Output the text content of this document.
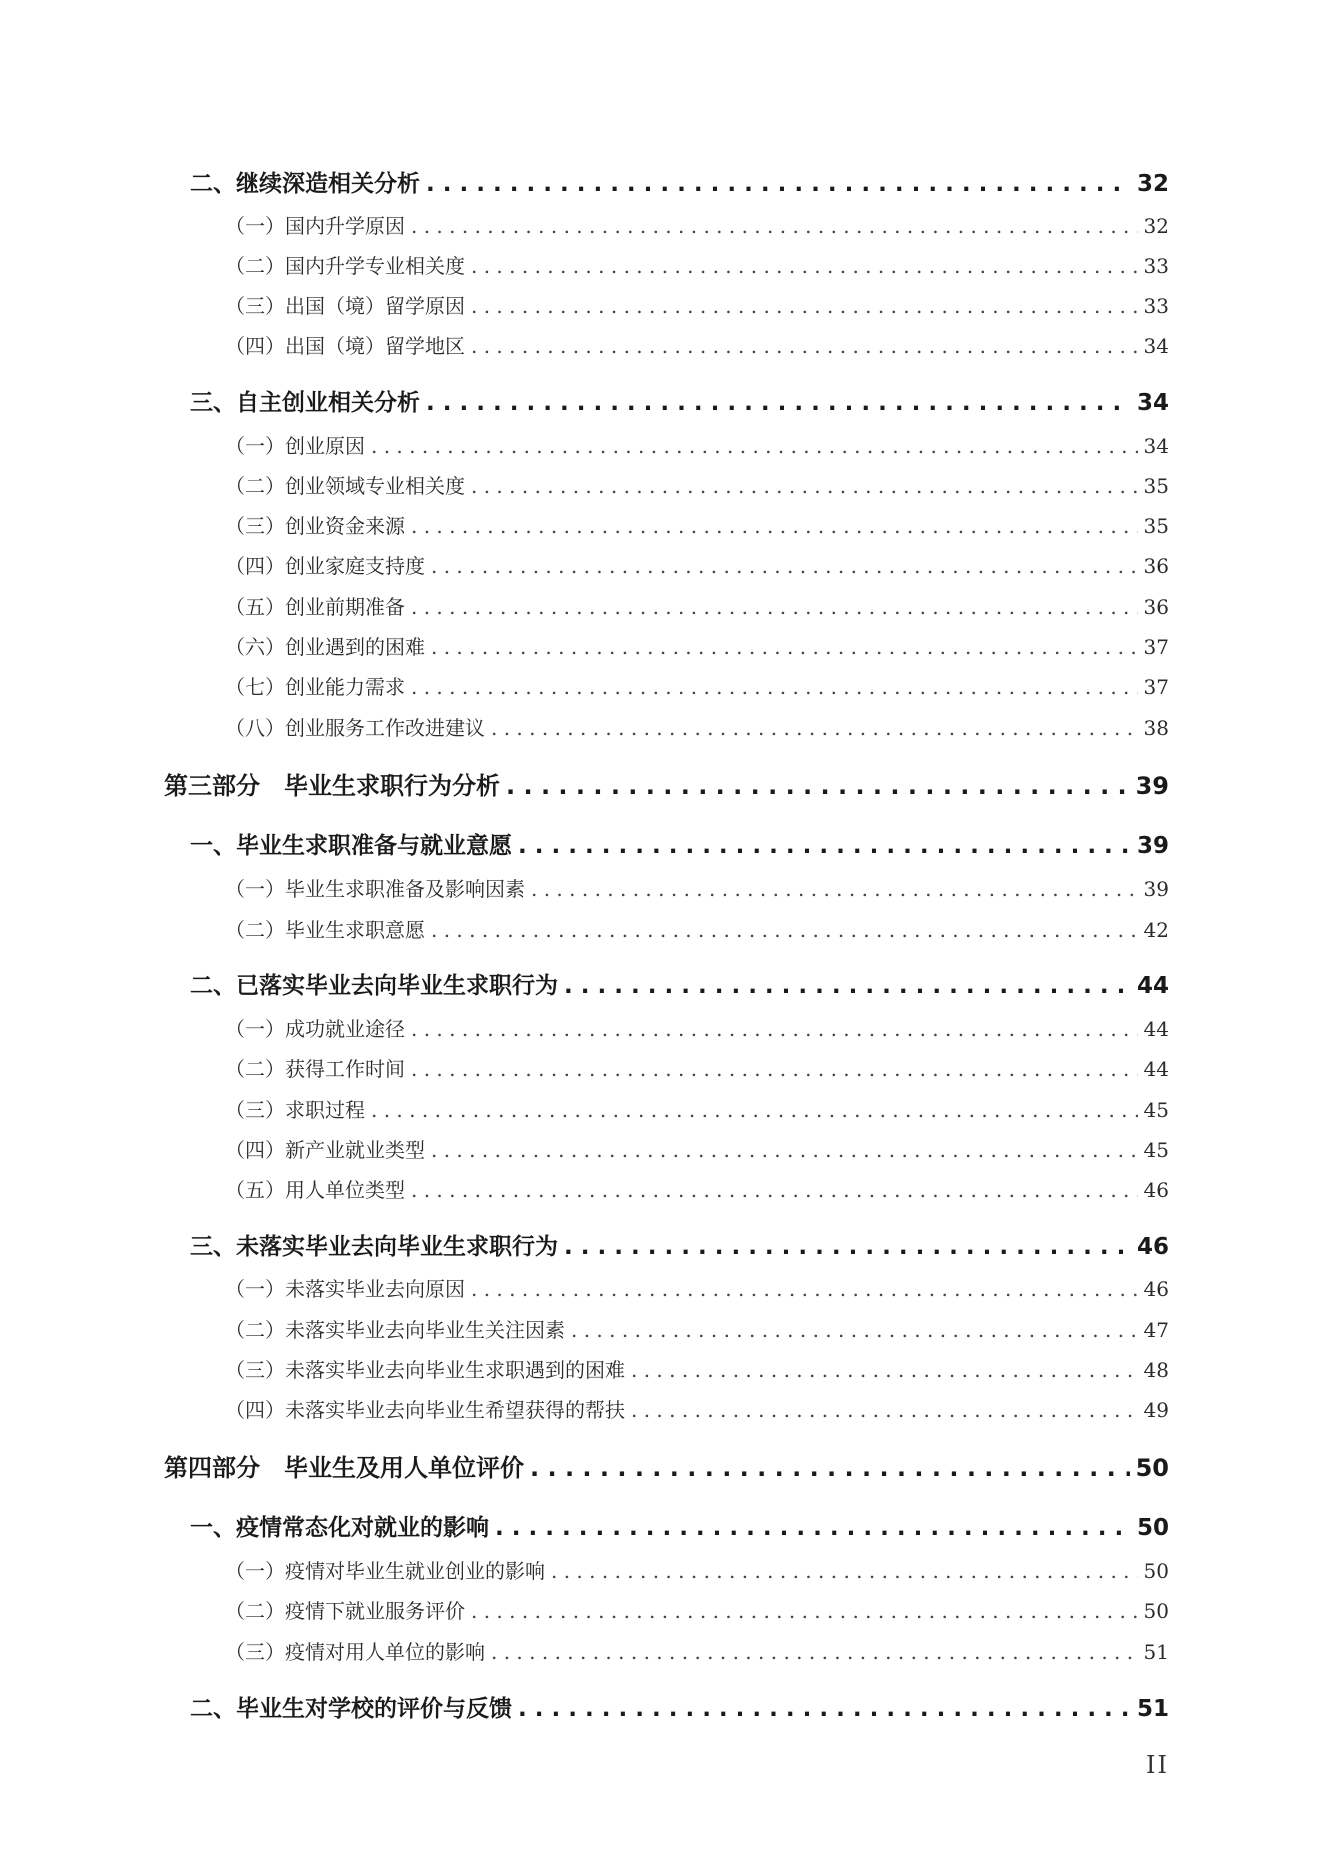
二、继续深造相关分析 . . .	32
（一）国内升学原因 . . .	32
（二）国内升学专业相关度 . . .	33
（三）出国（境）留学原因 . . .	33
（四）出国（境）留学地区 . . .	34
三、自主创业相关分析 . . .	34
（一）创业原因 . . .	34
（二）创业领域专业相关度 . . .	35
（三）创业资金来源 . . .	35
（四）创业家庭支持度 . . .	36
（五）创业前期准备 . . .	36
（六）创业遇到的困难 . . .	37
（七）创业能力需求 . . .	37
（八）创业服务工作改进建议 . . .	38
第三部分　毕业生求职行为分析 . . .	39
一、毕业生求职准备与就业意愿 . . .	39
（一）毕业生求职准备及影响因素 . . .	39
（二）毕业生求职意愿 . . .	42
二、已落实毕业去向毕业生求职行为 . . .	44
（一）成功就业途径 . . .	44
（二）获得工作时间 . . .	44
（三）求职过程 . . .	45
（四）新产业就业类型 . . .	45
（五）用人单位类型 . . .	46
三、未落实毕业去向毕业生求职行为 . . .	46
（一）未落实毕业去向原因 . . .	46
（二）未落实毕业去向毕业生关注因素 . . .	47
（三）未落实毕业去向毕业生求职遇到的困难 . . .	48
（四）未落实毕业去向毕业生希望获得的帮扶 . . .	49
第四部分　毕业生及用人单位评价 . . .	50
一、疫情常态化对就业的影响 . . .	50
（一）疫情对毕业生就业创业的影响 . . .	50
（二）疫情下就业服务评价 . . .	50
（三）疫情对用人单位的影响 . . .	51
二、毕业生对学校的评价与反馈 . . .	51
II
